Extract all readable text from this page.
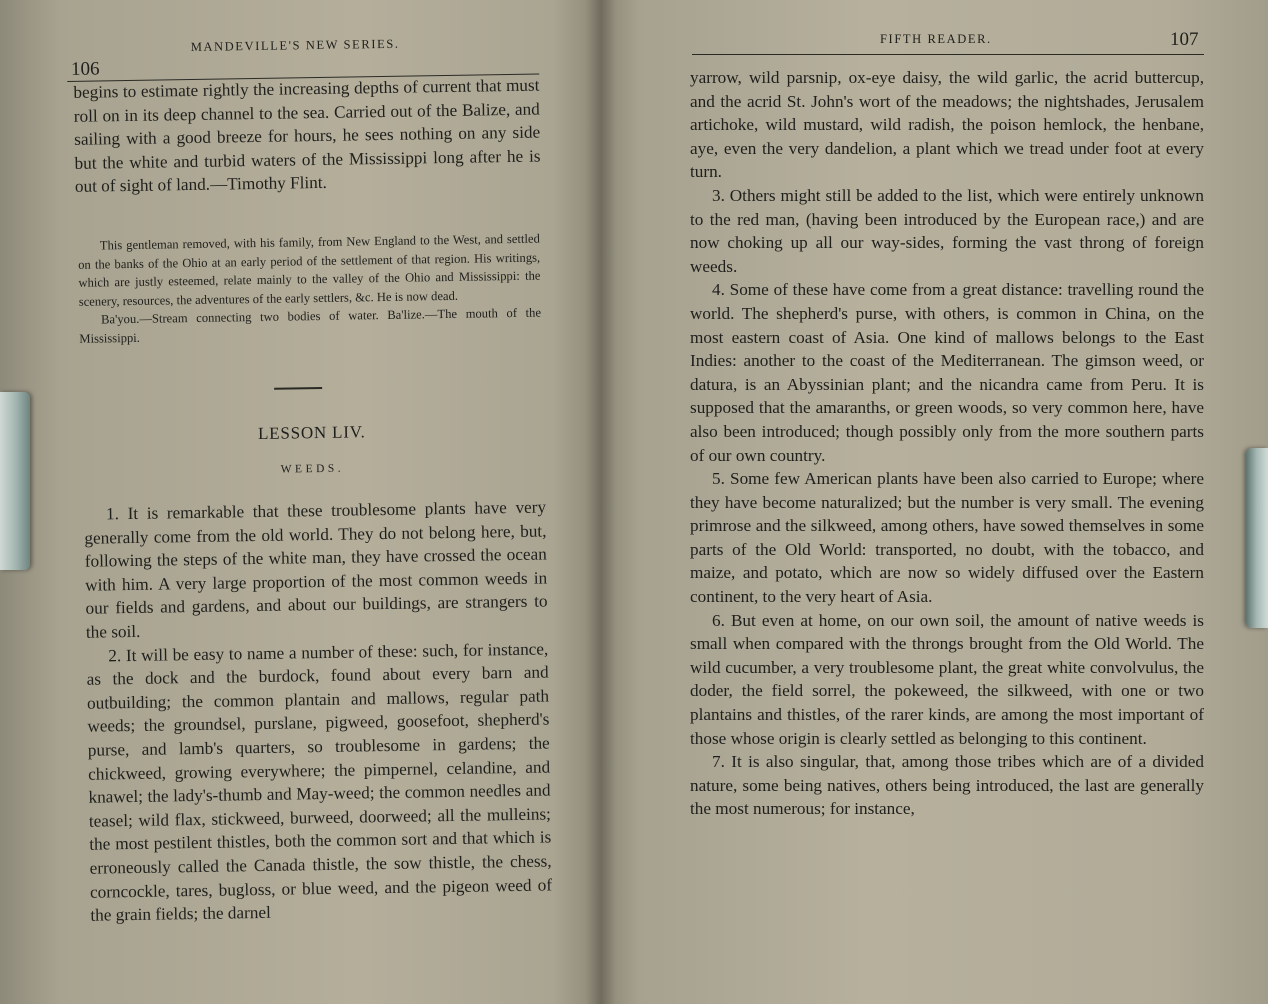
106
MANDEVILLE'S NEW SERIES.

begins to estimate rightly the increasing depths of current that must roll on in its deep channel to the sea. Carried out of the Balize, and sailing with a good breeze for hours, he sees nothing on any side but the white and turbid waters of the Mississippi long after he is out of sight of land.—Timothy Flint.

This gentleman removed, with his family, from New England to the West, and settled on the banks of the Ohio at an early period of the settlement of that region. His writings, which are justly esteemed, relate mainly to the valley of the Ohio and Mississippi: the scenery, resources, the adventures of the early settlers, &c. He is now dead.

Ba'you.—Stream connecting two bodies of water. Ba'lize.—The mouth of the Mississippi.

LESSON LIV.
WEEDS.

1. It is remarkable that these troublesome plants have very generally come from the old world. They do not belong here, but, following the steps of the white man, they have crossed the ocean with him. A very large proportion of the most common weeds in our fields and gardens, and about our buildings, are strangers to the soil.

2. It will be easy to name a number of these: such, for instance, as the dock and the burdock, found about every barn and outbuilding; the common plantain and mallows, regular path weeds; the groundsel, purslane, pigweed, goosefoot, shepherd's purse, and lamb's quarters, so troublesome in gardens; the chickweed, growing everywhere; the pimpernel, celandine, and knawel; the lady's-thumb and May-weed; the common needles and teasel; wild flax, stickweed, burweed, doorweed; all the mulleins; the most pestilent thistles, both the common sort and that which is erroneously called the Canada thistle, the sow thistle, the chess, corncockle, tares, bugloss, or blue weed, and the pigeon weed of the grain fields; the darnel

FIFTH READER.	107

yarrow, wild parsnip, ox-eye daisy, the wild garlic, the acrid buttercup, and the acrid St. John's wort of the meadows; the nightshades, Jerusalem artichoke, wild mustard, wild radish, the poison hemlock, the henbane, aye, even the very dandelion, a plant which we tread under foot at every turn.

3. Others might still be added to the list, which were entirely unknown to the red man, (having been introduced by the European race,) and are now choking up all our way-sides, forming the vast throng of foreign weeds.

4. Some of these have come from a great distance: travelling round the world. The shepherd's purse, with others, is common in China, on the most eastern coast of Asia. One kind of mallows belongs to the East Indies: another to the coast of the Mediterranean. The gimson weed, or datura, is an Abyssinian plant; and the nicandra came from Peru. It is supposed that the amaranths, or green woods, so very common here, have also been introduced; though possibly only from the more southern parts of our own country.

5. Some few American plants have been also carried to Europe; where they have become naturalized; but the number is very small. The evening primrose and the silkweed, among others, have sowed themselves in some parts of the Old World: transported, no doubt, with the tobacco, and maize, and potato, which are now so widely diffused over the Eastern continent, to the very heart of Asia.

6. But even at home, on our own soil, the amount of native weeds is small when compared with the throngs brought from the Old World. The wild cucumber, a very troublesome plant, the great white convolvulus, the doder, the field sorrel, the pokeweed, the silkweed, with one or two plantains and thistles, of the rarer kinds, are among the most important of those whose origin is clearly settled as belonging to this continent.

7. It is also singular, that, among those tribes which are of a divided nature, some being natives, others being introduced, the last are generally the most numerous; for instance,
